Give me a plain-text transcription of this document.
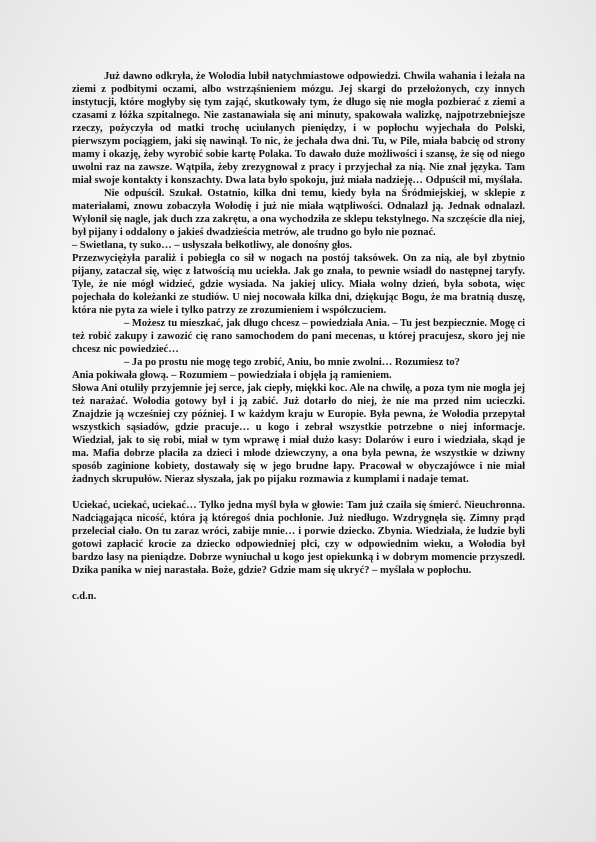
Już dawno odkryła, że Wołodia lubił natychmiastowe odpowiedzi. Chwila wahania i leżała na ziemi z podbitymi oczami, albo wstrząśnieniem mózgu. Jej skargi do przełożonych, czy innych instytucji, które mogłyby się tym zająć, skutkowały tym, że długo się nie mogła pozbierać z ziemi a czasami z łóżka szpitalnego. Nie zastanawiała się ani minuty, spakowała walizkę, najpotrzebniejsze rzeczy, pożyczyła od matki trochę uciułanych pieniędzy, i w popłochu wyjechała do Polski, pierwszym pociągiem, jaki się nawinął. To nic, że jechała dwa dni. Tu, w Pile, miała babcię od strony mamy i okazję, żeby wyrobić sobie kartę Polaka. To dawało duże możliwości i szansę, że się od niego uwolni raz na zawsze. Wątpiła, żeby zrezygnował z pracy i przyjechał za nią. Nie znał języka. Tam miał swoje kontakty i konszachty. Dwa lata było spokoju, już miała nadzieję… Odpuścił mi, myślała.

Nie odpuścił. Szukał. Ostatnio, kilka dni temu, kiedy była na Śródmiejskiej, w sklepie z materiałami, znowu zobaczyła Wołodię i już nie miała wątpliwości. Odnalazł ją. Jednak odnalazł. Wyłonił się nagle, jak duch zza zakrętu, a ona wychodziła ze sklepu tekstylnego. Na szczęście dla niej, był pijany i oddalony o jakieś dwadzieścia metrów, ale trudno go było nie poznać.

– Swietłana, ty suko… – usłyszała bełkotliwy, ale donośny głos.

Przezwyciężyła paraliż i pobiegła co sił w nogach na postój taksówek. On za nią, ale był zbytnio pijany, zataczał się, więc z łatwością mu uciekła. Jak go znała, to pewnie wsiadł do następnej taryfy. Tyle, że nie mógł widzieć, gdzie wysiada. Na jakiej ulicy. Miała wolny dzień, była sobota, więc pojechała do koleżanki ze studiów. U niej nocowała kilka dni, dziękując Bogu, że ma bratnią duszę, która nie pyta za wiele i tylko patrzy ze zrozumieniem i współczuciem.

– Możesz tu mieszkać, jak długo chcesz – powiedziała Ania. – Tu jest bezpiecznie. Mogę ci też robić zakupy i zawozić cię rano samochodem do pani mecenas, u której pracujesz, skoro jej nie chcesz nic powiedzieć…

– Ja po prostu nie mogę tego zrobić, Aniu, bo mnie zwolni… Rozumiesz to?

Ania pokiwała głową. – Rozumiem – powiedziała i objęła ją ramieniem.

Słowa Ani otuliły przyjemnie jej serce, jak ciepły, miękki koc. Ale na chwilę, a poza tym nie mogła jej też narażać. Wołodia gotowy był i ją zabić. Już dotarło do niej, że nie ma przed nim ucieczki. Znajdzie ją wcześniej czy później. I w każdym kraju w Europie. Była pewna, że Wołodia przepytał wszystkich sąsiadów, gdzie pracuje… u kogo i zebrał wszystkie potrzebne o niej informacje. Wiedział, jak to się robi, miał w tym wprawę i miał dużo kasy: Dolarów i euro i wiedziała, skąd je ma. Mafia dobrze płaciła za dzieci i młode dziewczyny, a ona była pewna, że wszystkie w dziwny sposób zaginione kobiety, dostawały się w jego brudne łapy. Pracował w obyczajówce i nie miał żadnych skrupułów. Nieraz słyszała, jak po pijaku rozmawia z kumplami i nadaje temat.

Uciekać, uciekać, uciekać… Tylko jedna myśl była w głowie: Tam już czaiła się śmierć. Nieuchronna. Nadciągająca nicość, która ją któregoś dnia pochłonie. Już niedługo. Wzdrygnęła się. Zimny prąd przeleciał ciało. On tu zaraz wróci, zabije mnie… i porwie dziecko. Zbynia. Wiedziała, że ludzie byli gotowi zapłacić krocie za dziecko odpowiedniej płci, czy w odpowiednim wieku, a Wołodia był bardzo łasy na pieniądze. Dobrze wyniuchał u kogo jest opiekunką i w dobrym momencie przyszedł. Dzika panika w niej narastała. Boże, gdzie? Gdzie mam się ukryć? – myślała w popłochu.

c.d.n.
